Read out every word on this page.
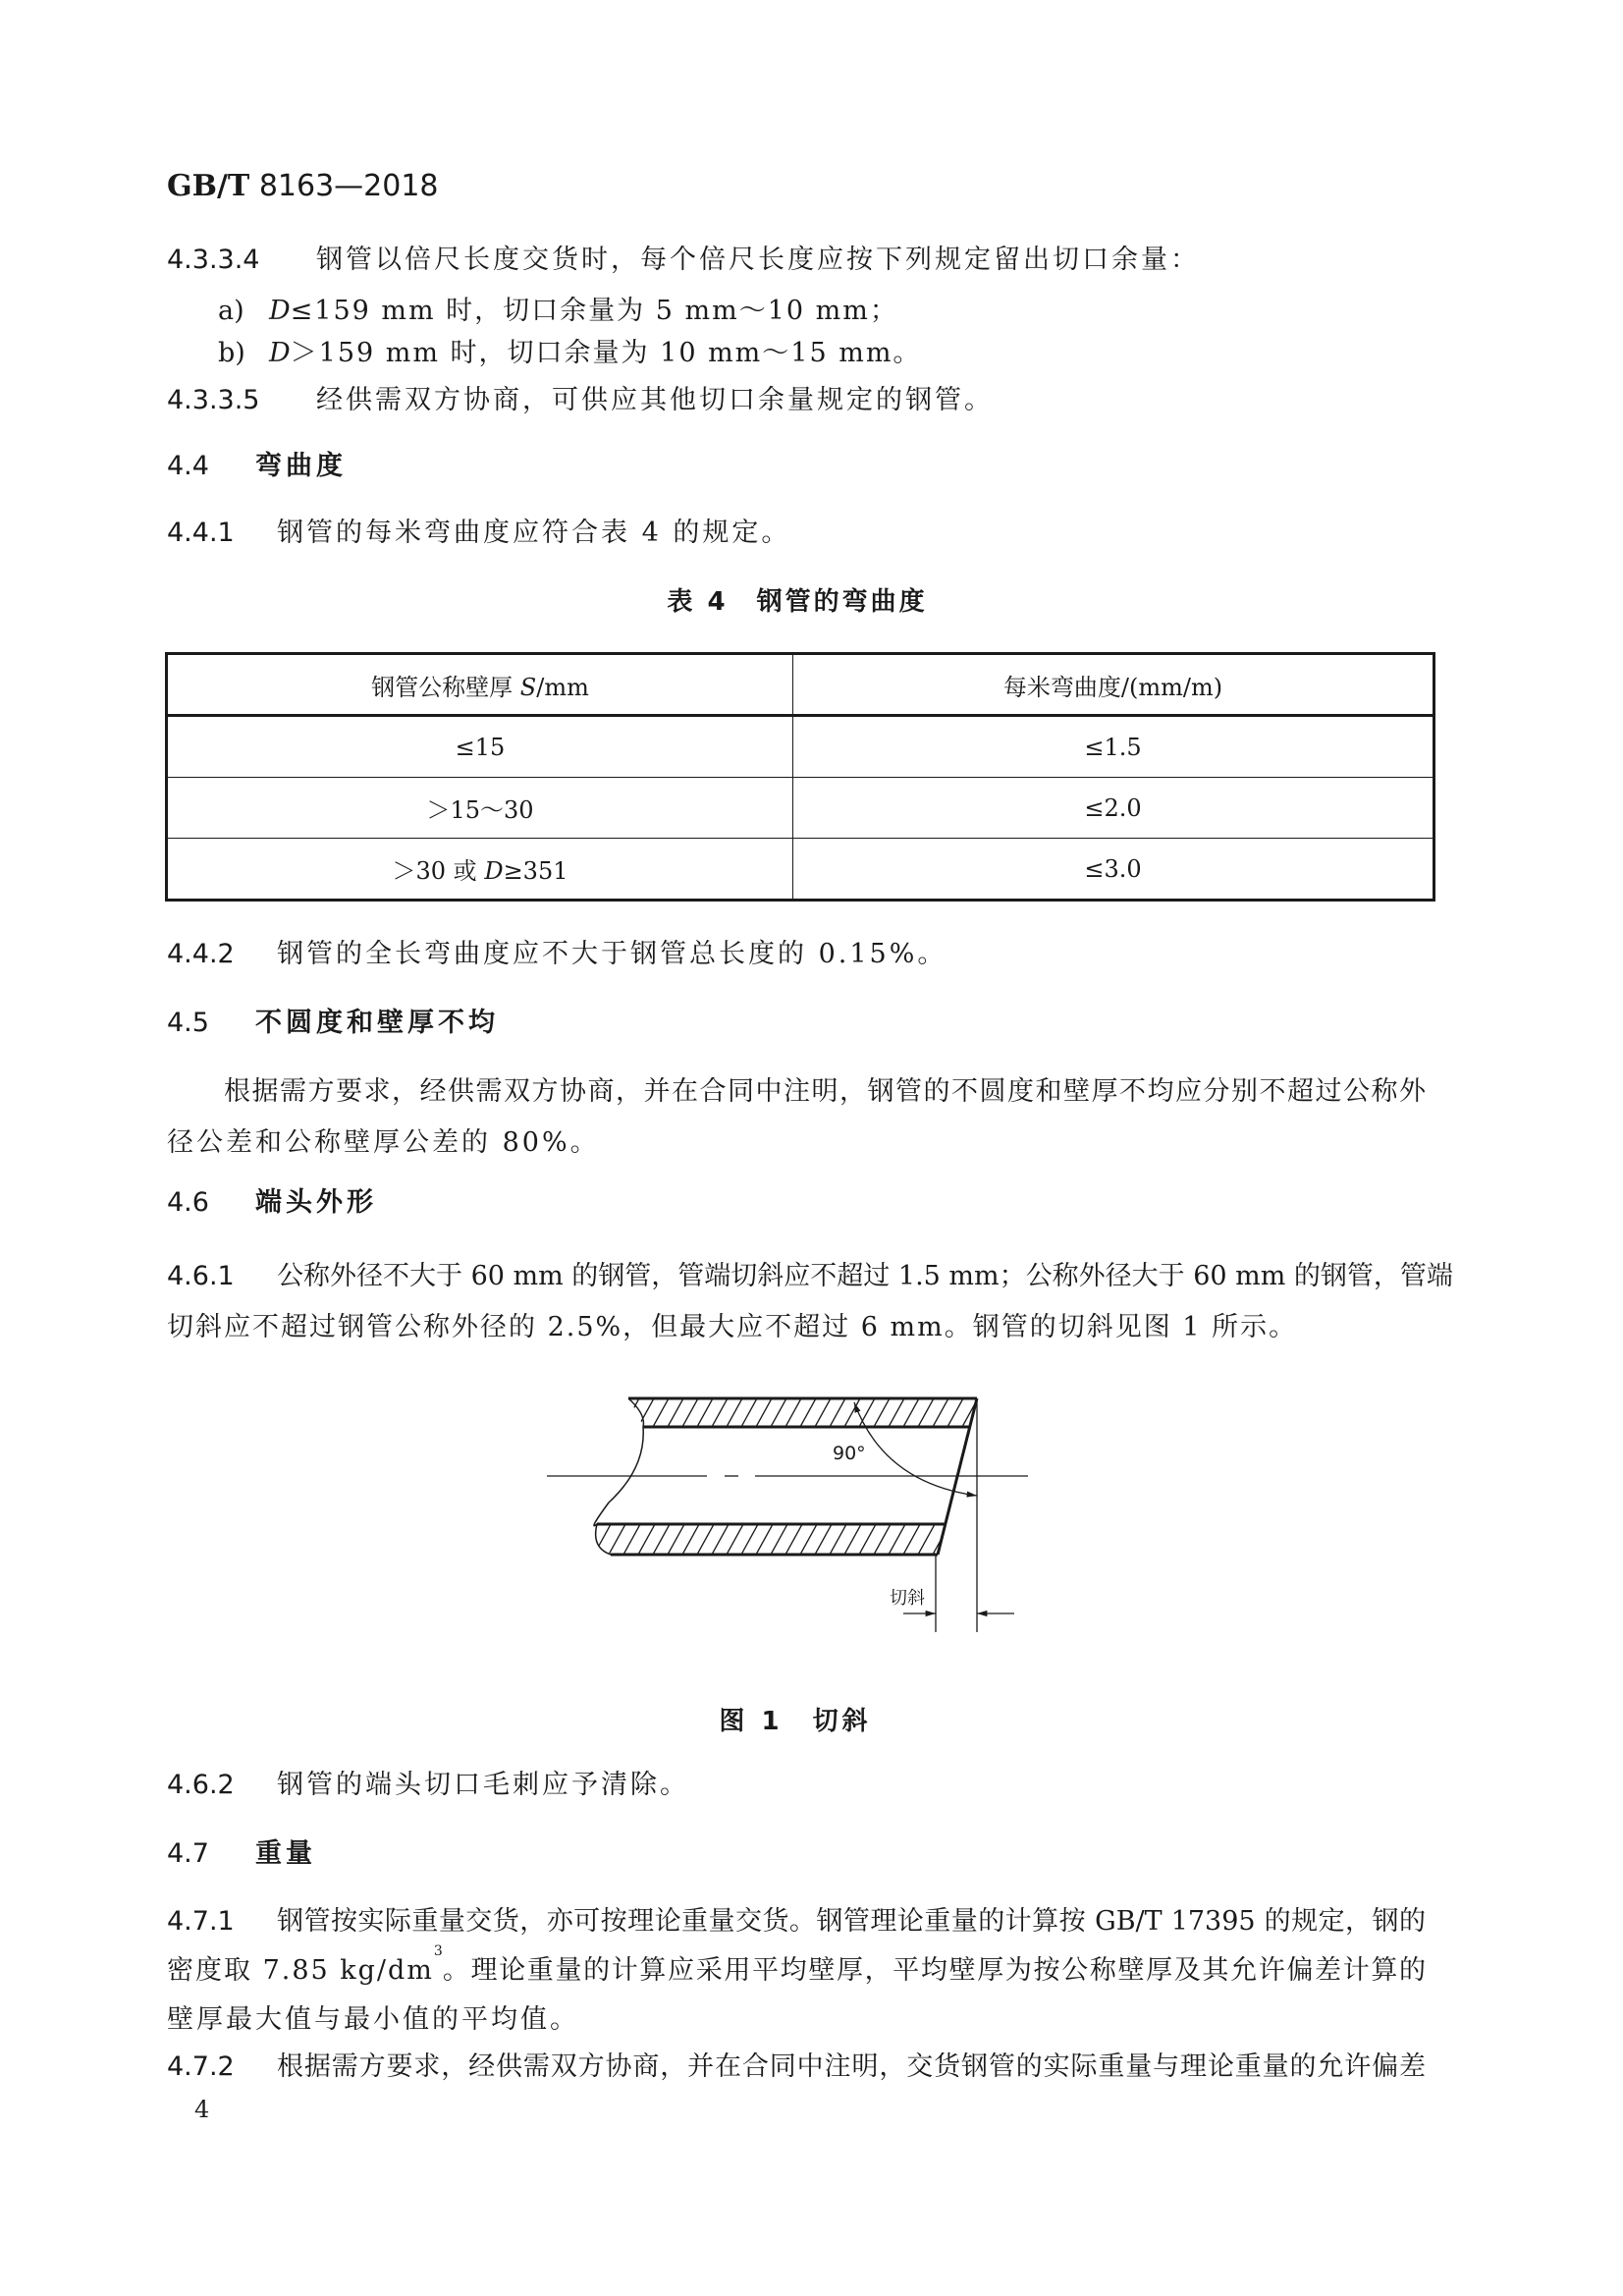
GB/T 8163—2018
4.3.3.4 钢管以倍尺长度交货时，每个倍尺长度应按下列规定留出切口余量：
a) D≤159 mm 时，切口余量为 5 mm～10 mm；
b) D＞159 mm 时，切口余量为 10 mm～15 mm。
4.3.3.5 经供需双方协商，可供应其他切口余量规定的钢管。
4.4 弯曲度
4.4.1 钢管的每米弯曲度应符合表 4 的规定。
表 4　钢管的弯曲度
钢管公称壁厚 S/mm	每米弯曲度/(mm/m)
≤15	≤1.5
＞15～30	≤2.0
＞30 或 D≥351	≤3.0
4.4.2 钢管的全长弯曲度应不大于钢管总长度的 0.15%。
4.5 不圆度和壁厚不均
根据需方要求，经供需双方协商，并在合同中注明，钢管的不圆度和壁厚不均应分别不超过公称外
径公差和公称壁厚公差的 80%。
4.6 端头外形
4.6.1	公称外径不大于 60 mm 的钢管，管端切斜应不超过 1.5 mm；公称外径大于 60 mm 的钢管，管端
切斜应不超过钢管公称外径的 2.5%，但最大应不超过 6 mm。钢管的切斜见图 1 所示。
90°
切斜
图 1　切斜
4.6.2 钢管的端头切口毛刺应予清除。
4.7 重量
4.7.1	钢管按实际重量交货，亦可按理论重量交货。钢管理论重量的计算按 GB/T 17395 的规定，钢的
密度取 7.85 kg/dm
3
。理论重量的计算应采用平均壁厚，平均壁厚为按公称壁厚及其允许偏差计算的
壁厚最大值与最小值的平均值。
4.7.2	根据需方要求，经供需双方协商，并在合同中注明，交货钢管的实际重量与理论重量的允许偏差
4
